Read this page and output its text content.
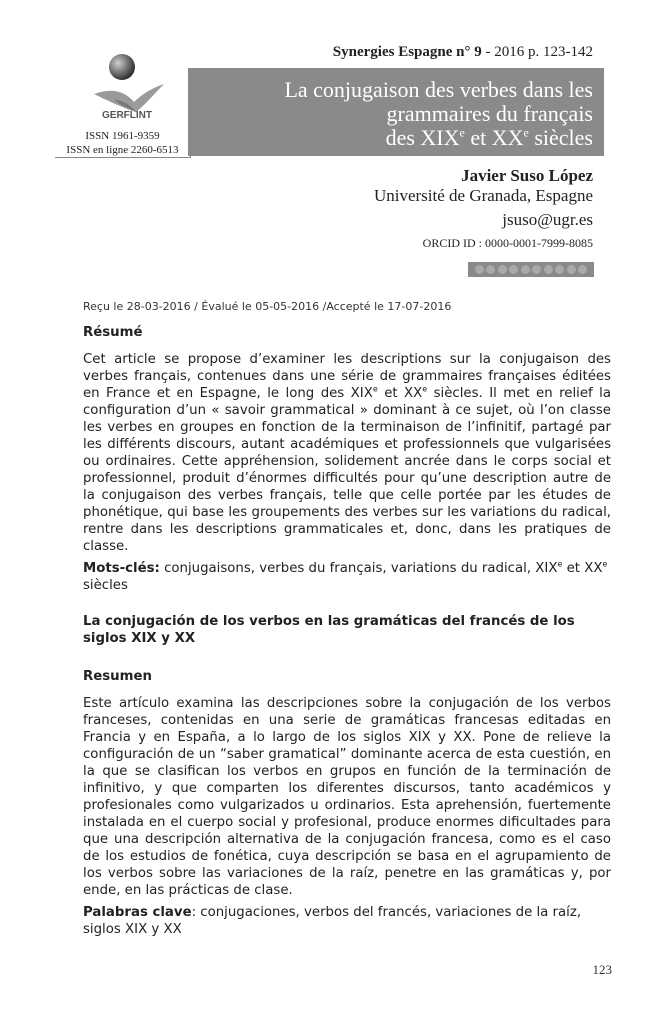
Synergies Espagne n° 9 - 2016 p. 123-142
GERFLINT
ISSN 1961-9359
ISSN en ligne 2260-6513
La conjugaison des verbes dans les
grammaires du français
des XIXe et XXe siècles
Javier Suso López
Université de Granada, Espagne
jsuso@ugr.es
ORCID ID : 0000-0001-7999-8085
Reçu le 28-03-2016 / Évalué le 05-05-2016 /Accepté le 17-07-2016
Résumé
Cet article se propose d’examiner les descriptions sur la conjugaison des verbes français, contenues dans une série de grammaires françaises éditées en France et en Espagne, le long des XIXe et XXe siècles. Il met en relief la configuration d’un « savoir grammatical » dominant à ce sujet, où l’on classe les verbes en groupes en fonction de la terminaison de l’infinitif, partagé par les différents discours, autant académiques et professionnels que vulgarisées ou ordinaires. Cette appréhension, solidement ancrée dans le corps social et professionnel, produit d’énormes difficultés pour qu’une description autre de la conjugaison des verbes français, telle que celle portée par les études de phonétique, qui base les groupements des verbes sur les variations du radical, rentre dans les descriptions grammaticales et, donc, dans les pratiques de classe.
Mots-clés: conjugaisons, verbes du français, variations du radical, XIXe et XXe siècles
La conjugación de los verbos en las gramáticas del francés de los siglos XIX y XX
Resumen
Este artículo examina las descripciones sobre la conjugación de los verbos franceses, contenidas en una serie de gramáticas francesas editadas en Francia y en España, a lo largo de los siglos XIX y XX. Pone de relieve la configuración de un “saber gramatical” dominante acerca de esta cuestión, en la que se clasifican los verbos en grupos en función de la terminación de infinitivo, y que comparten los diferentes discursos, tanto académicos y profesionales como vulgarizados u ordinarios. Esta aprehensión, fuertemente instalada en el cuerpo social y profesional, produce enormes dificultades para que una descripción alternativa de la conjugación francesa, como es el caso de los estudios de fonética, cuya descripción se basa en el agrupamiento de los verbos sobre las variaciones de la raíz, penetre en las gramáticas y, por ende, en las prácticas de clase.
Palabras clave: conjugaciones, verbos del francés, variaciones de la raíz, siglos XIX y XX
123
